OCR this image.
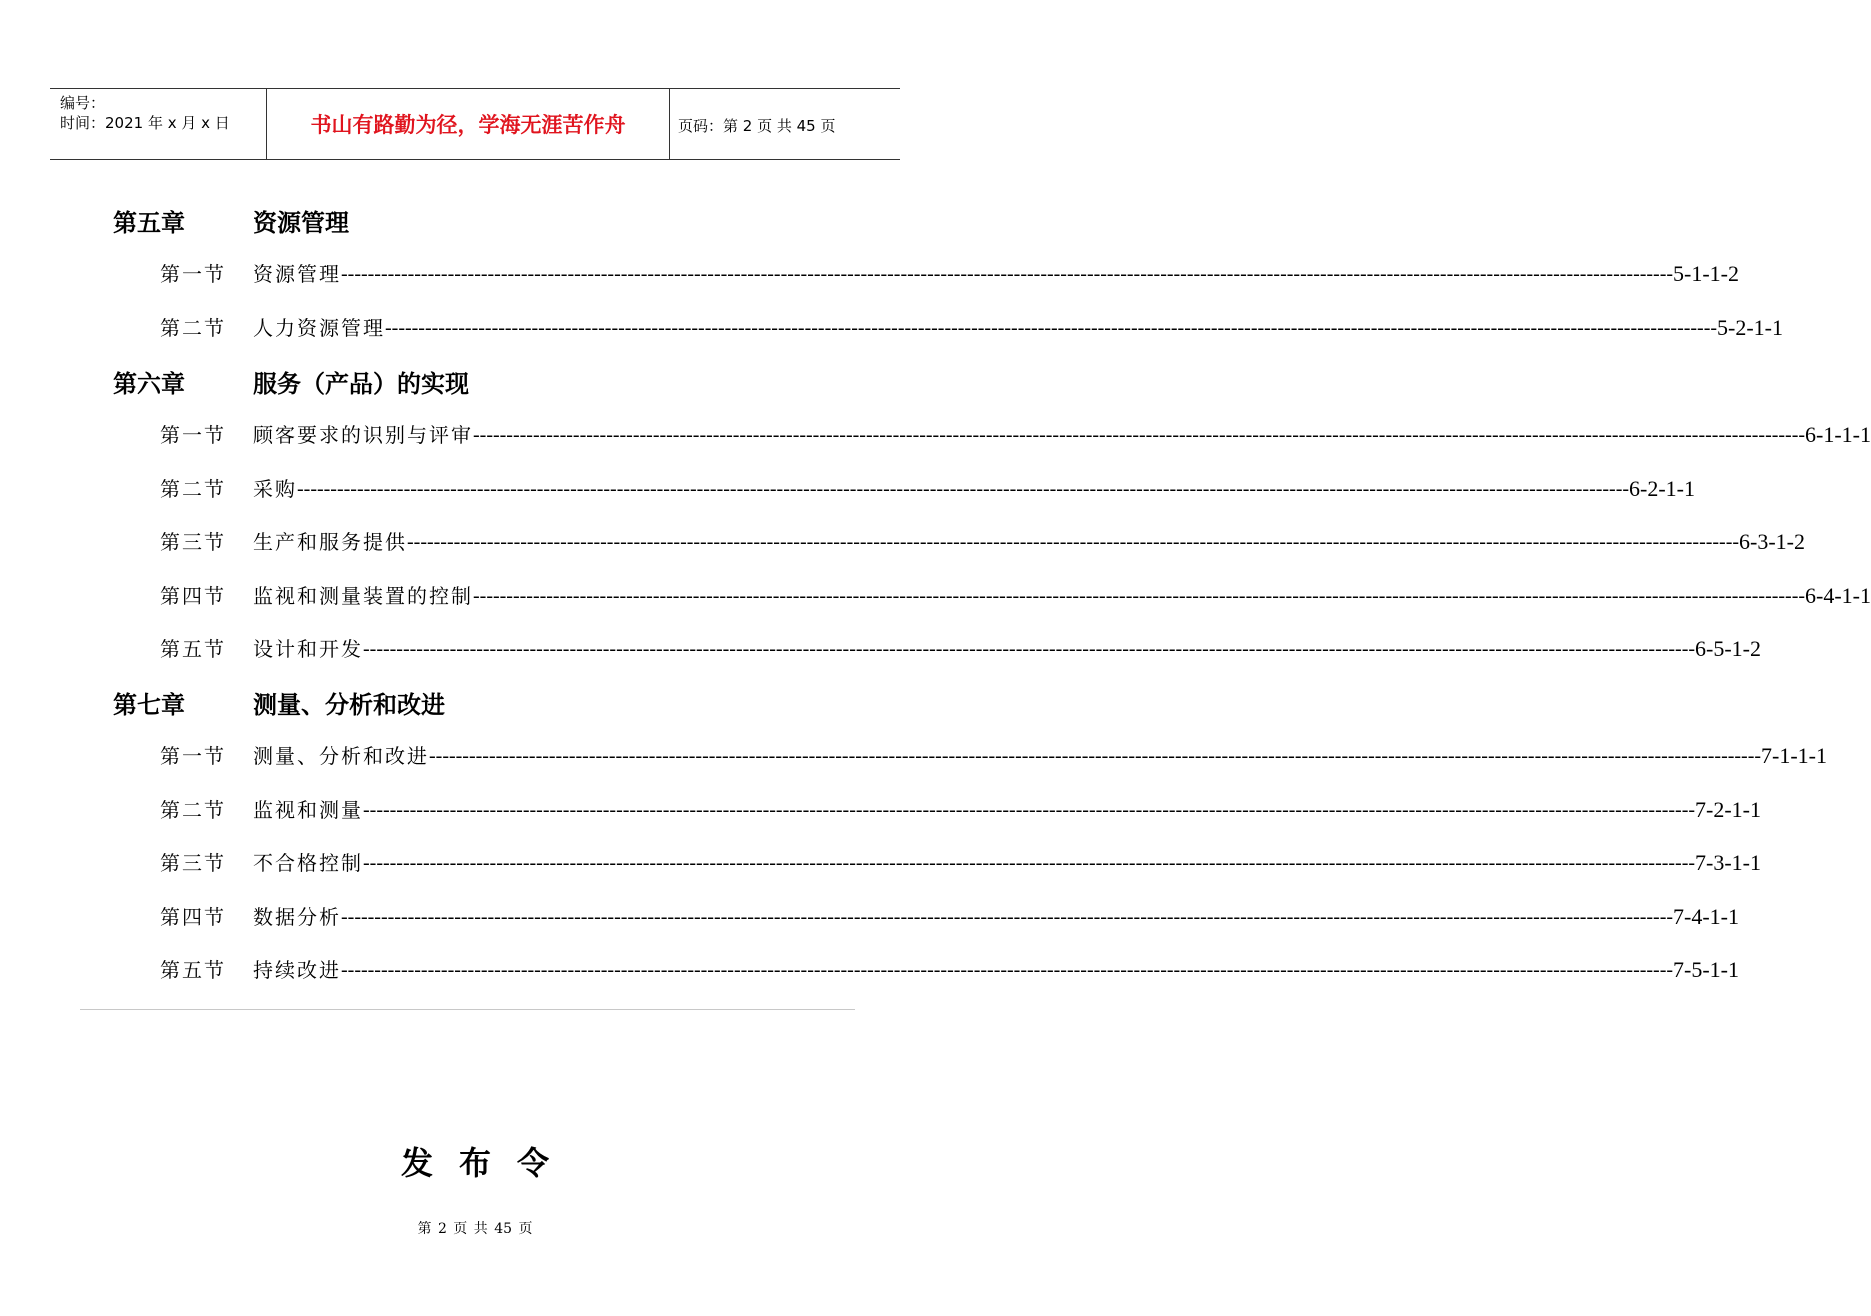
编号：
时间：2021 年 x 月 x 日	书山有路勤为径，学海无涯苦作舟	页码：第 2 页 共 45 页
第五章	资源管理
第一节 资源管理 -------------------------------------------------------------------------------------------------------------------------------------------------------------------------------------------------------- 5-1-1-2
第二节 人力资源管理 -------------------------------------------------------------------------------------------------------------------------------------------------------------------------------------------------------- 5-2-1-1
第六章	服务（产品）的实现
第一节 顾客要求的识别与评审 -------------------------------------------------------------------------------------------------------------------------------------------------------------------------------------------------------- 6-1-1-1
第二节 采购 -------------------------------------------------------------------------------------------------------------------------------------------------------------------------------------------------------- 6-2-1-1
第三节 生产和服务提供 -------------------------------------------------------------------------------------------------------------------------------------------------------------------------------------------------------- 6-3-1-2
第四节 监视和测量装置的控制 -------------------------------------------------------------------------------------------------------------------------------------------------------------------------------------------------------- 6-4-1-1
第五节 设计和开发 -------------------------------------------------------------------------------------------------------------------------------------------------------------------------------------------------------- 6-5-1-2
第七章	测量、分析和改进
第一节 测量、分析和改进 -------------------------------------------------------------------------------------------------------------------------------------------------------------------------------------------------------- 7-1-1-1
第二节 监视和测量 -------------------------------------------------------------------------------------------------------------------------------------------------------------------------------------------------------- 7-2-1-1
第三节 不合格控制 -------------------------------------------------------------------------------------------------------------------------------------------------------------------------------------------------------- 7-3-1-1
第四节 数据分析 -------------------------------------------------------------------------------------------------------------------------------------------------------------------------------------------------------- 7-4-1-1
第五节 持续改进 -------------------------------------------------------------------------------------------------------------------------------------------------------------------------------------------------------- 7-5-1-1
发布令
第 2 页 共 45 页
